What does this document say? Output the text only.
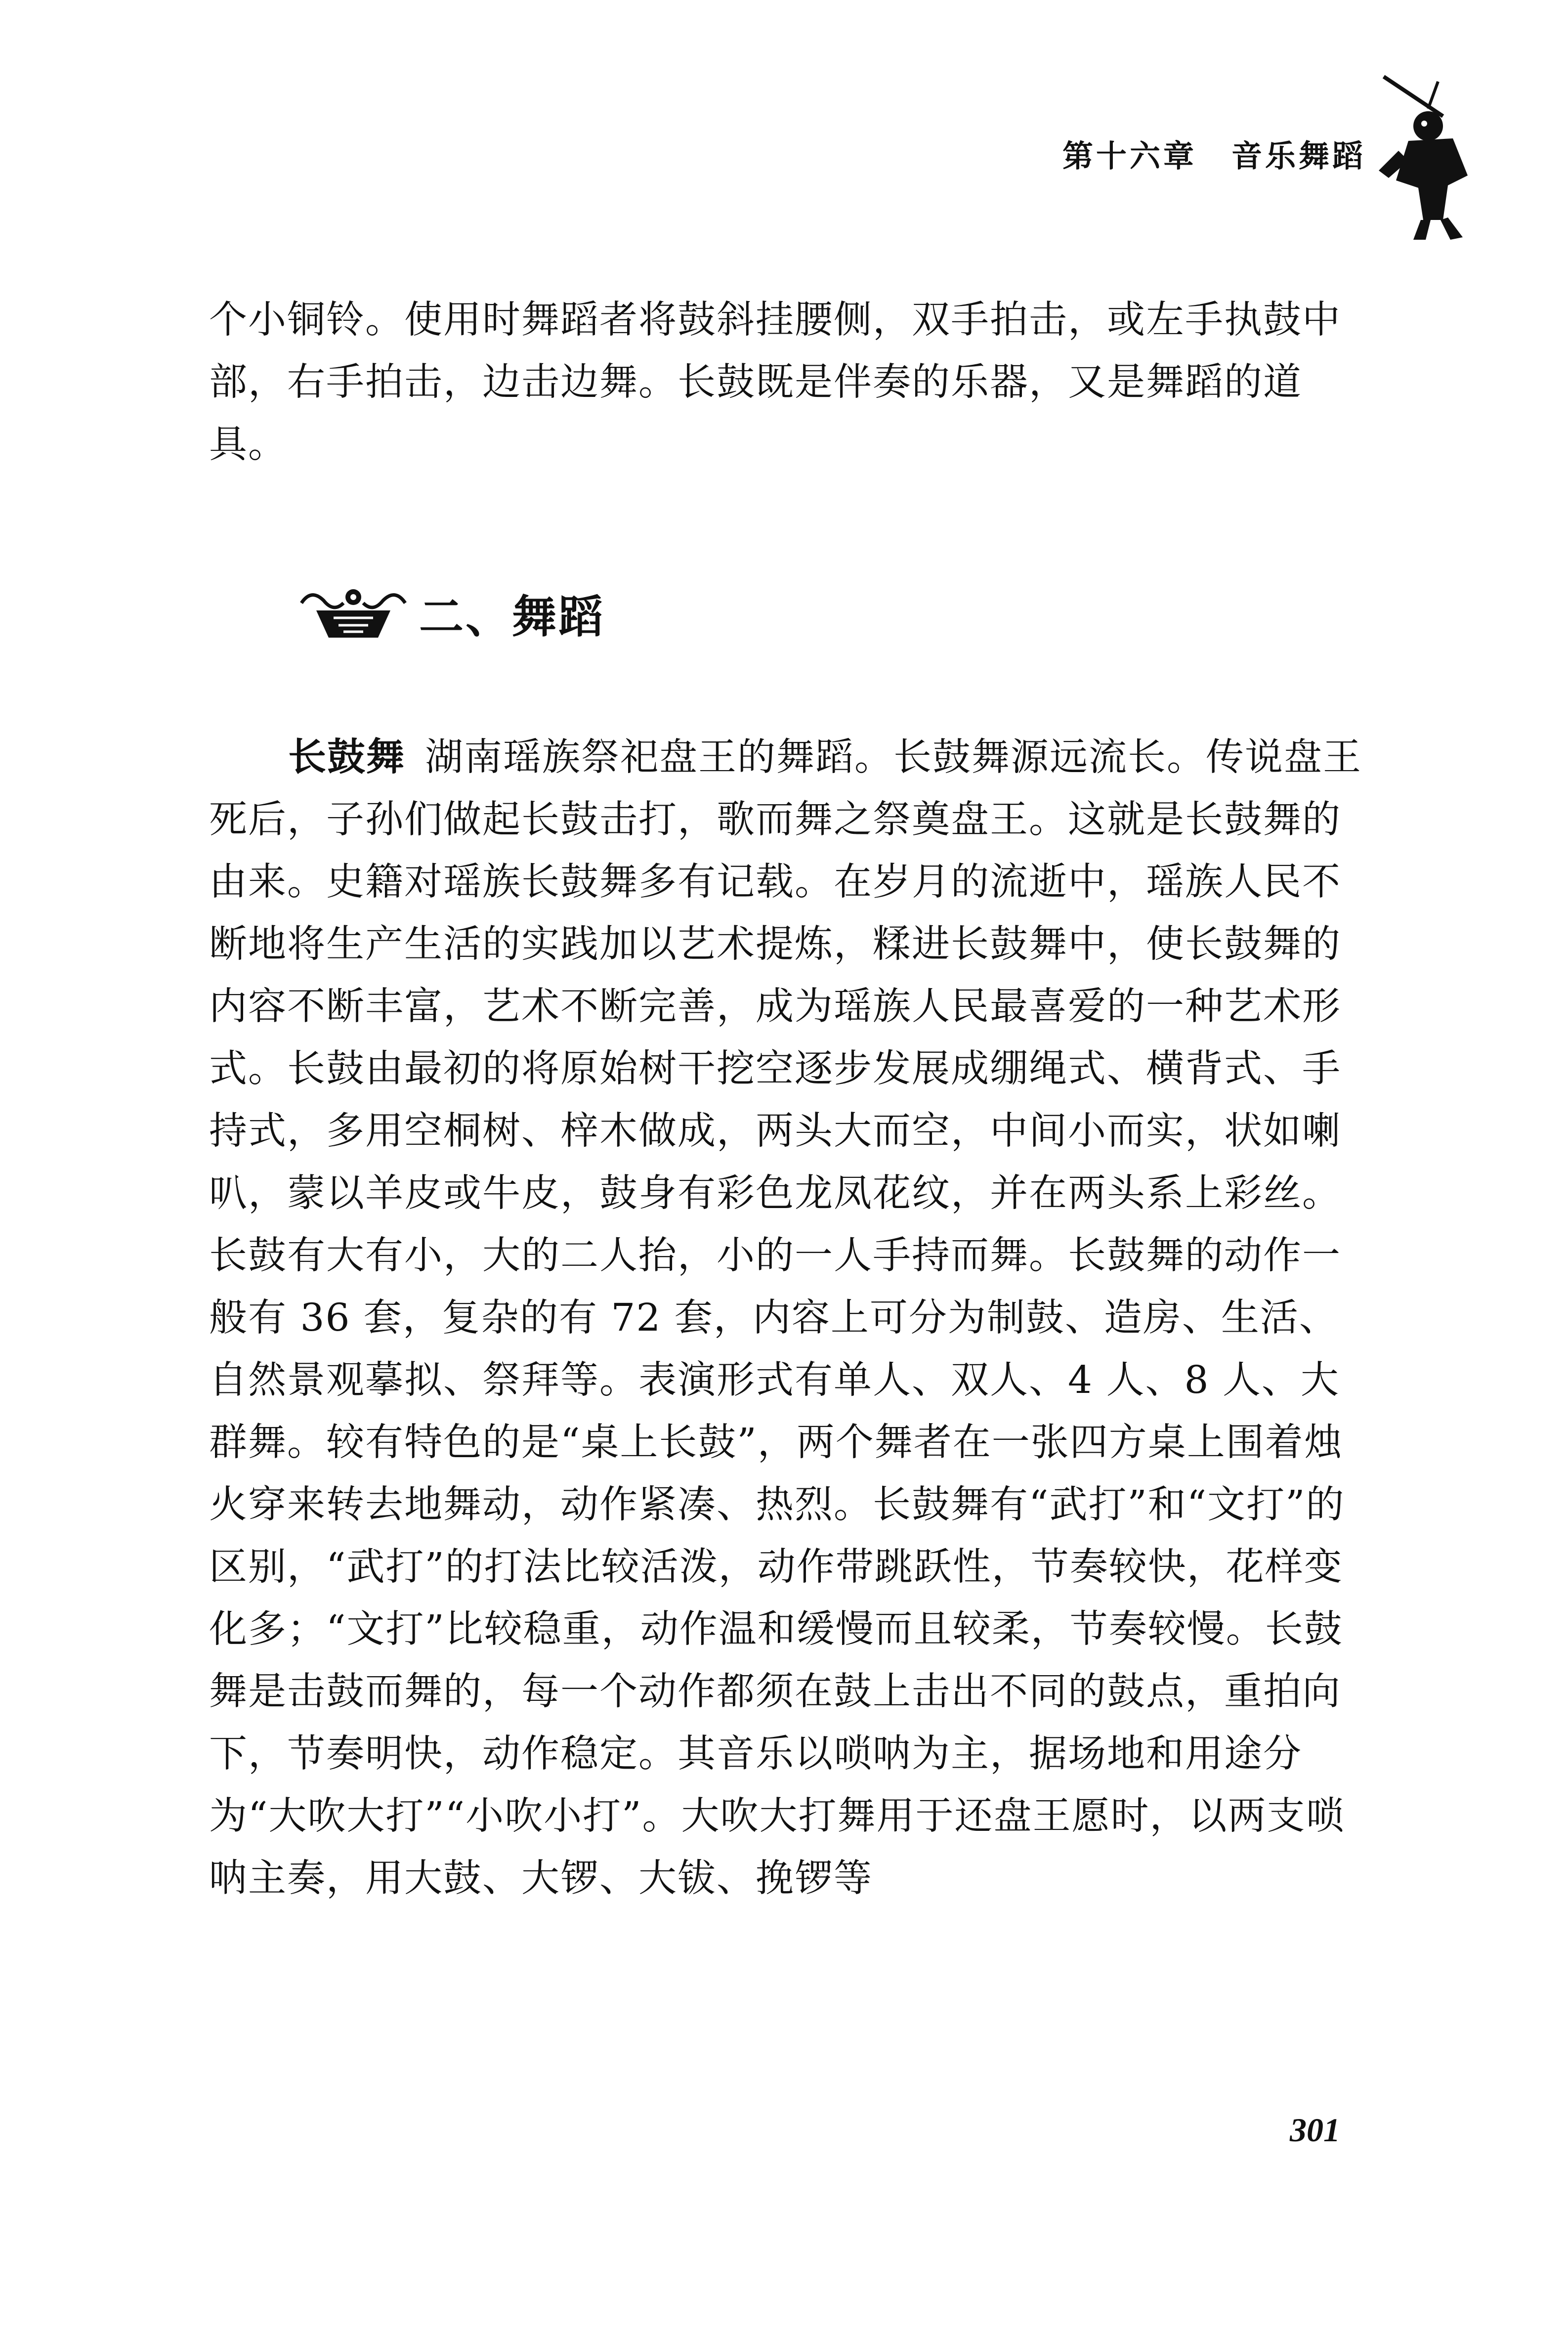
第十六章 音乐舞蹈

个小铜铃。使用时舞蹈者将鼓斜挂腰侧，双手拍击，或左手执鼓中部，右手拍击，边击边舞。长鼓既是伴奏的乐器，又是舞蹈的道具。

二、舞蹈

长鼓舞 湖南瑶族祭祀盘王的舞蹈。长鼓舞源远流长。传说盘王死后，子孙们做起长鼓击打，歌而舞之祭奠盘王。这就是长鼓舞的由来。史籍对瑶族长鼓舞多有记载。在岁月的流逝中，瑶族人民不断地将生产生活的实践加以艺术提炼，糅进长鼓舞中，使长鼓舞的内容不断丰富，艺术不断完善，成为瑶族人民最喜爱的一种艺术形式。长鼓由最初的将原始树干挖空逐步发展成绷绳式、横背式、手持式，多用空桐树、梓木做成，两头大而空，中间小而实，状如喇叭，蒙以羊皮或牛皮，鼓身有彩色龙凤花纹，并在两头系上彩丝。长鼓有大有小，大的二人抬，小的一人手持而舞。长鼓舞的动作一般有 36 套，复杂的有 72 套，内容上可分为制鼓、造房、生活、自然景观摹拟、祭拜等。表演形式有单人、双人、4 人、8 人、大群舞。较有特色的是“桌上长鼓”，两个舞者在一张四方桌上围着烛火穿来转去地舞动，动作紧凑、热烈。长鼓舞有“武打”和“文打”的区别，“武打”的打法比较活泼，动作带跳跃性，节奏较快，花样变化多；“文打”比较稳重，动作温和缓慢而且较柔，节奏较慢。长鼓舞是击鼓而舞的，每一个动作都须在鼓上击出不同的鼓点，重拍向下，节奏明快，动作稳定。其音乐以唢呐为主，据场地和用途分为“大吹大打”“小吹小打”。大吹大打舞用于还盘王愿时，以两支唢呐主奏，用大鼓、大锣、大钹、挽锣等

301
